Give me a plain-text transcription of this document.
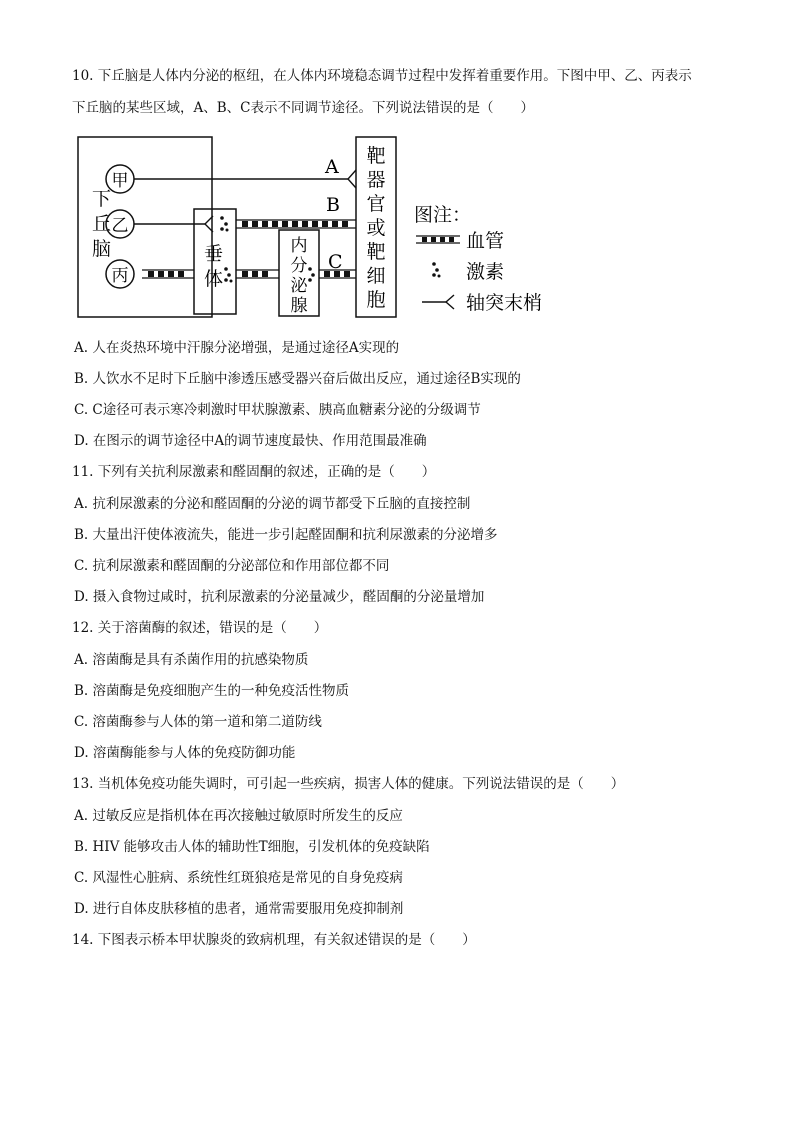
10. 下丘脑是人体内分泌的枢纽，在人体内环境稳态调节过程中发挥着重要作用。下图中甲、乙、丙表示
下丘脑的某些区域，A、B、C表示不同调节途径。下列说法错误的是（　　）
下
丘
脑
甲
乙
丙
垂
体
内
分
泌
腺
靶
器
官
或
靶
细
胞
A
B
C
图注：
血管
激素
轴突末梢
A. 人在炎热环境中汗腺分泌增强，是通过途径A实现的
B. 人饮水不足时下丘脑中渗透压感受器兴奋后做出反应，通过途径B实现的
C. C途径可表示寒冷刺激时甲状腺激素、胰高血糖素分泌的分级调节
D. 在图示的调节途径中A的调节速度最快、作用范围最准确
11. 下列有关抗利尿激素和醛固酮的叙述，正确的是（　　）
A. 抗利尿激素的分泌和醛固酮的分泌的调节都受下丘脑的直接控制
B. 大量出汗使体液流失，能进一步引起醛固酮和抗利尿激素的分泌增多
C. 抗利尿激素和醛固酮的分泌部位和作用部位都不同
D. 摄入食物过咸时，抗利尿激素的分泌量减少，醛固酮的分泌量增加
12. 关于溶菌酶的叙述，错误的是（　　）
A. 溶菌酶是具有杀菌作用的抗感染物质
B. 溶菌酶是免疫细胞产生的一种免疫活性物质
C. 溶菌酶参与人体的第一道和第二道防线
D. 溶菌酶能参与人体的免疫防御功能
13. 当机体免疫功能失调时，可引起一些疾病，损害人体的健康。下列说法错误的是（　　）
A. 过敏反应是指机体在再次接触过敏原时所发生的反应
B. HIV 能够攻击人体的辅助性T细胞，引发机体的免疫缺陷
C. 风湿性心脏病、系统性红斑狼疮是常见的自身免疫病
D. 进行自体皮肤移植的患者，通常需要服用免疫抑制剂
14. 下图表示桥本甲状腺炎的致病机理，有关叙述错误的是（　　）
